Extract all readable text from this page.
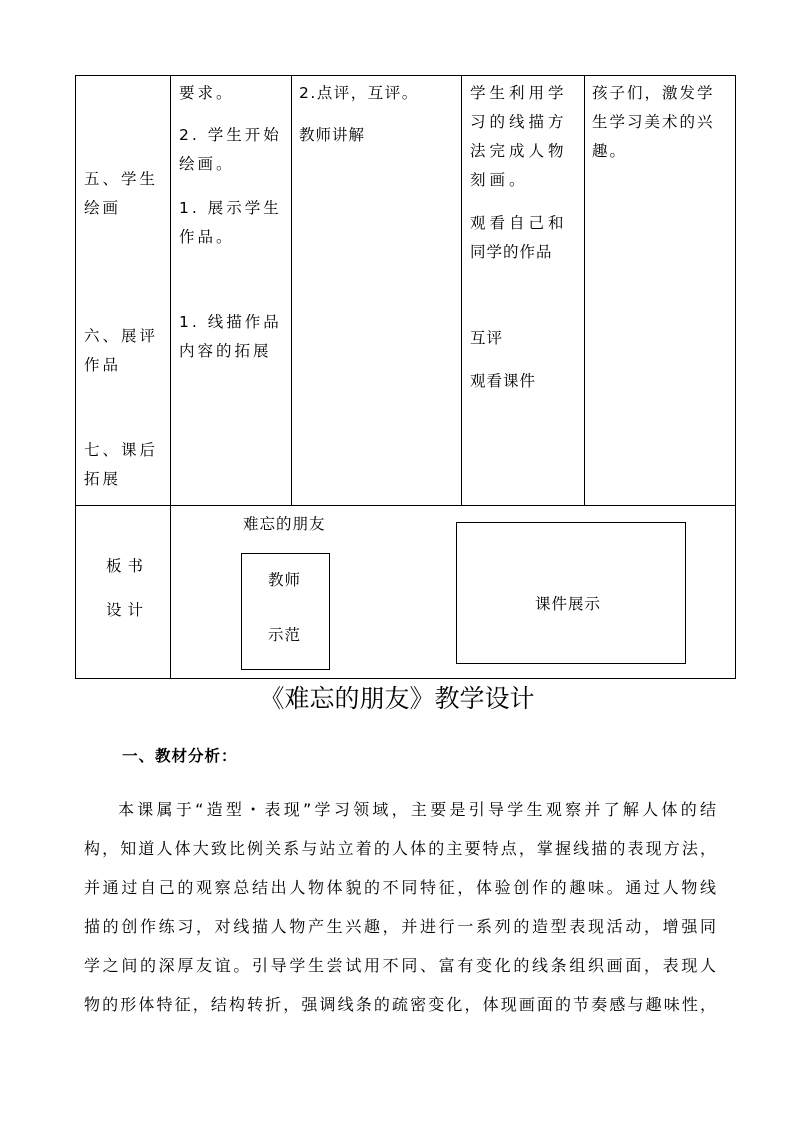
五、学生
绘画
六、展评
作品
七、课后
拓展
要求。
2. 学生开始
绘画。
1. 展示学生
作品。
1. 线描作品
内容的拓展
2.点评，互评。
教师讲解
学生利用学
习的线描方
法完成人物
刻画。
观看自己和
同学的作品
互评
观看课件
孩子们，激发学
生学习美术的兴
趣。
板书
设计
难忘的朋友
教师
示范
课件展示
《难忘的朋友》教学设计
一、教材分析：
本课属于“造型・表现”学习领域，主要是引导学生观察并了解人体的结
构，知道人体大致比例关系与站立着的人体的主要特点，掌握线描的表现方法，
并通过自己的观察总结出人物体貌的不同特征，体验创作的趣味。通过人物线
描的创作练习，对线描人物产生兴趣，并进行一系列的造型表现活动，增强同
学之间的深厚友谊。引导学生尝试用不同、富有变化的线条组织画面，表现人
物的形体特征，结构转折，强调线条的疏密变化，体现画面的节奏感与趣味性，
